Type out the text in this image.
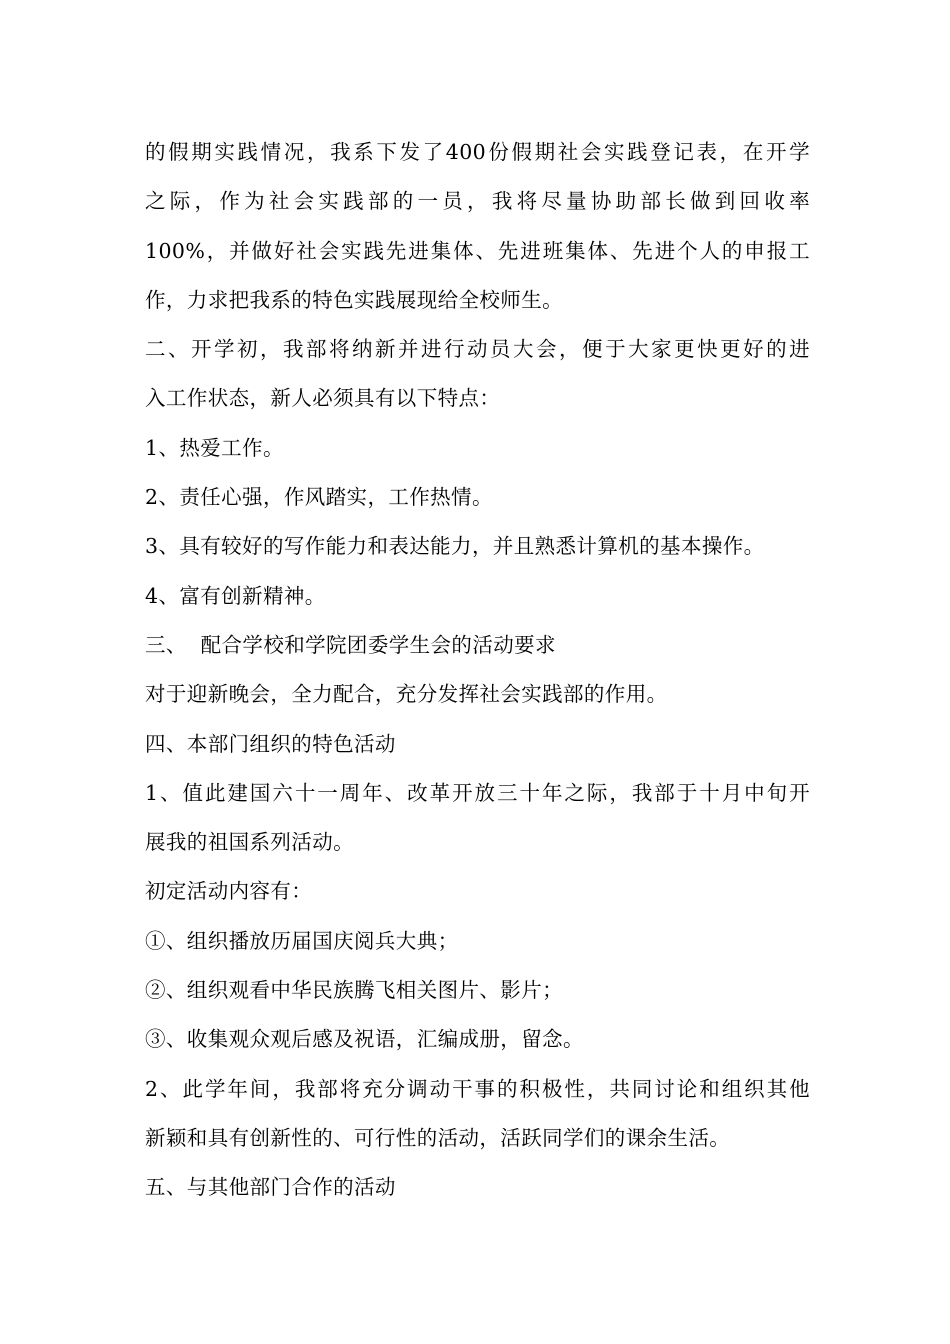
的假期实践情况，我系下发了400份假期社会实践登记表，在开学
之际，作为社会实践部的一员，我将尽量协助部长做到回收率
100%，并做好社会实践先进集体、先进班集体、先进个人的申报工
作，力求把我系的特色实践展现给全校师生。
二、开学初，我部将纳新并进行动员大会，便于大家更快更好的进
入工作状态，新人必须具有以下特点：
1、热爱工作。
2、责任心强，作风踏实，工作热情。
3、具有较好的写作能力和表达能力，并且熟悉计算机的基本操作。
4、富有创新精神。
三、  配合学校和学院团委学生会的活动要求
对于迎新晚会，全力配合，充分发挥社会实践部的作用。
四、本部门组织的特色活动
1、值此建国六十一周年、改革开放三十年之际，我部于十月中旬开
展我的祖国系列活动。
初定活动内容有：
①、组织播放历届国庆阅兵大典；
②、组织观看中华民族腾飞相关图片、影片；
③、收集观众观后感及祝语，汇编成册，留念。
2、此学年间，我部将充分调动干事的积极性，共同讨论和组织其他
新颖和具有创新性的、可行性的活动，活跃同学们的课余生活。
五、与其他部门合作的活动
